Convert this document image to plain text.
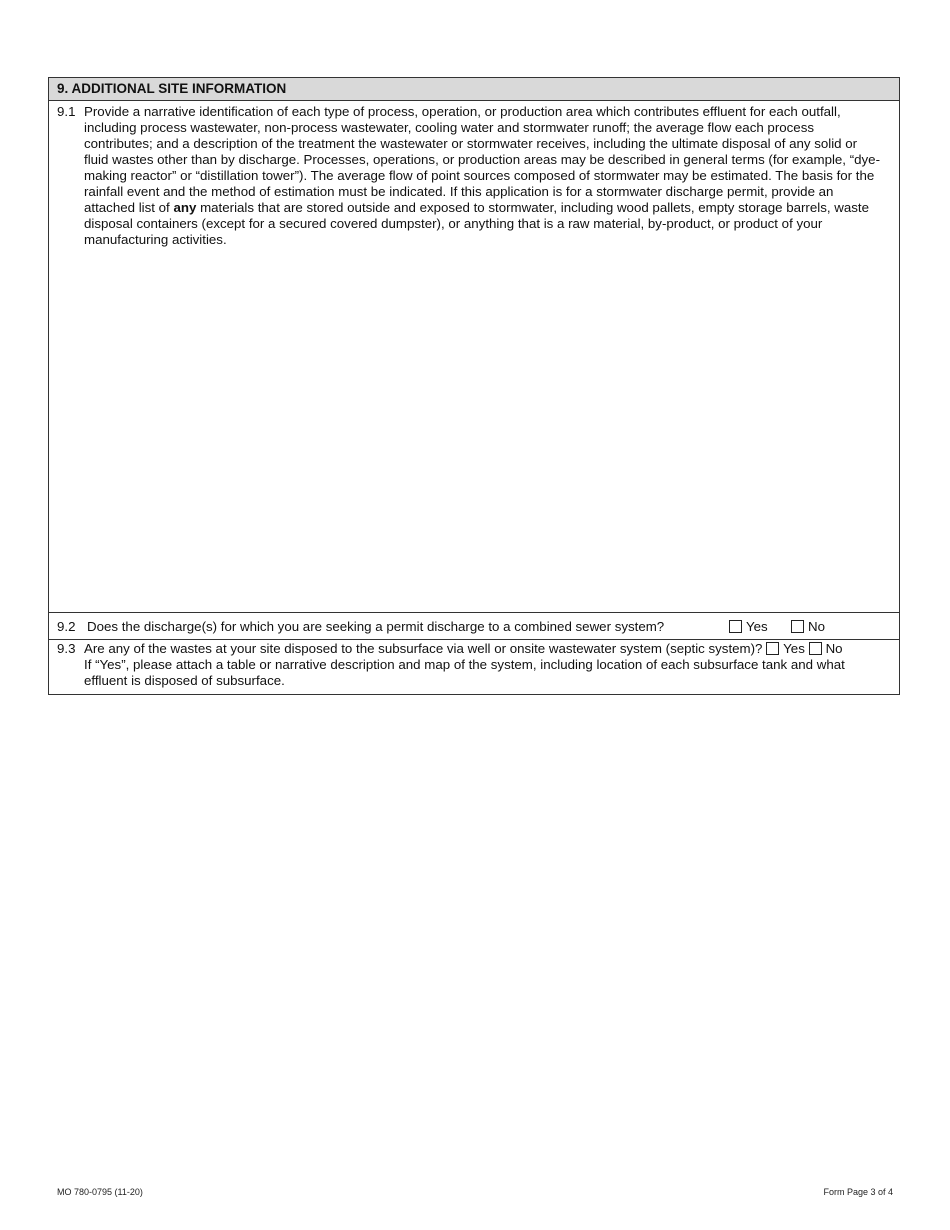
9. ADDITIONAL SITE INFORMATION
9.1 Provide a narrative identification of each type of process, operation, or production area which contributes effluent for each outfall, including process wastewater, non-process wastewater, cooling water and stormwater runoff; the average flow each process contributes; and a description of the treatment the wastewater or stormwater receives, including the ultimate disposal of any solid or fluid wastes other than by discharge. Processes, operations, or production areas may be described in general terms (for example, “dye-making reactor” or “distillation tower”). The average flow of point sources composed of stormwater may be estimated. The basis for the rainfall event and the method of estimation must be indicated. If this application is for a stormwater discharge permit, provide an attached list of any materials that are stored outside and exposed to stormwater, including wood pallets, empty storage barrels, waste disposal containers (except for a secured covered dumpster), or anything that is a raw material, by-product, or product of your manufacturing activities.
9.2 Does the discharge(s) for which you are seeking a permit discharge to a combined sewer system?	Yes	No
9.3 Are any of the wastes at your site disposed to the subsurface via well or onsite wastewater system (septic system)? Yes No
If “Yes”, please attach a table or narrative description and map of the system, including location of each subsurface tank and what effluent is disposed of subsurface.
MO 780-0795 (11-20)	Form Page 3 of 4
